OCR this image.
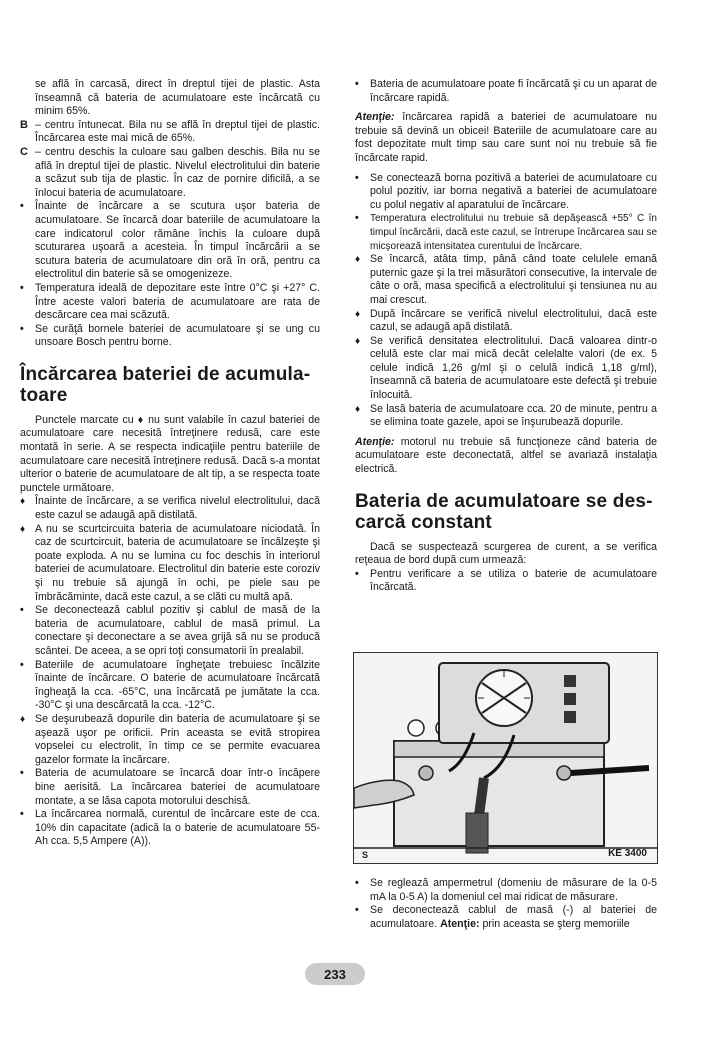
se află în carcasă, direct în dreptul tijei de plastic. Asta înseamnă că bateria de acumulatoare este încărcată cu minim 65%.

B – centru întunecat. Bila nu se află în dreptul tijei de plastic. Încărcarea este mai mică de 65%.

C – centru deschis la culoare sau galben deschis. Bila nu se află în dreptul tijei de plastic. Nivelul electrolitului din baterie a scăzut sub tija de plastic. În caz de pornire dificilă, a se înlocui bateria de acumulatoare.

•	Înainte de încărcare a se scutura uşor bateria de acumulatoare. Se încarcă doar bateriile de acumulatoare la care indicatorul color rămâne închis la culoare după scuturarea uşoară a acesteia. În timpul încărcării a se scutura bateria de acumulatoare din oră în oră, pentru ca electrolitul din baterie să se omogenizeze.

•	Temperatura ideală de depozitare este între 0°C şi +27° C. Între aceste valori bateria de acumulatoare are rata de descărcare cea mai scăzută.

•	Se curăţă bornele bateriei de acumulatoare şi se ung cu unsoare Bosch pentru borne.

Încărcarea bateriei de acumula-
toare

Punctele marcate cu ♦ nu sunt valabile în cazul bateriei de acumulatoare care necesită întreţinere redusă, care este montată în serie. A se respecta indicaţiile pentru bateriile de acumulatoare care necesită întreţinere redusă. Dacă s-a montat ulterior o baterie de acumulatoare de alt tip, a se respecta toate punctele următoare.

♦ Înainte de încărcare, a se verifica nivelul electrolitului, dacă este cazul se adaugă apă distilată.

♦ A nu se scurtcircuita bateria de acumulatoare niciodată. În caz de scurtcircuit, bateria de acumulatoare se încălzeşte şi poate exploda. A nu se lumina cu foc deschis în interiorul bateriei de acumulatoare. Electrolitul din baterie este coroziv şi nu trebuie să ajungă în ochi, pe piele sau pe îmbrăcăminte, dacă este cazul, a se clăti cu multă apă.

•	Se deconectează cablul pozitiv şi cablul de masă de la bateria de acumulatoare, cablul de masă primul. La conectare şi deconectare a se avea grijă să nu se producă scântei. De aceea, a se opri toţi consumatorii în prealabil.

•	Bateriile de acumulatoare îngheţate trebuiesc încălzite înainte de încărcare. O baterie de acumulatoare încărcată îngheaţă la cca. -65°C, una încărcată pe jumătate la cca. -30°C şi una descărcată la cca. -12°C.

♦ Se deşurubează dopurile din bateria de acumulatoare şi se aşează uşor pe orificii. Prin aceasta se evită stropirea vopselei cu electrolit, în timp ce se permite evacuarea gazelor formate la încărcare.

•	Bateria de acumulatoare se încarcă doar într-o încăpere bine aerisită. La încărcarea bateriei de acumulatoare montate, a se lăsa capota motorului deschisă.

•	La încărcarea normală, curentul de încărcare este de cca. 10% din capacitate (adică la o baterie de acumulatoare 55-Ah cca. 5,5 Ampere (A)).

•	Bateria de acumulatoare poate fi încărcată şi cu un aparat de încărcare rapidă.

Atenţie: încărcarea rapidă a bateriei de acumulatoare nu trebuie să devină un obicei! Bateriile de acumulatoare care au fost depozitate mult timp sau care sunt noi nu trebuie să fie încărcate rapid.

•	Se conectează borna pozitivă a bateriei de acumulatoare cu polul pozitiv, iar borna negativă a bateriei de acumulatoare cu polul negativ al aparatului de încărcare.

•	Temperatura electrolitului nu trebuie să depăşească +55° C în timpul încărcării, dacă este cazul, se întrerupe încărcarea sau se micşorează intensitatea curentului de încărcare.

♦ Se încarcă, atâta timp, până când toate celulele emană puternic gaze şi la trei măsurători consecutive, la intervale de câte o oră, masa specifică a electrolitului şi tensiunea nu au mai crescut.

♦ După încărcare se verifică nivelul electrolitului, dacă este cazul, se adaugă apă distilată.

♦ Se verifică densitatea electrolitului. Dacă valoarea dintr-o celulă este clar mai mică decât celelalte valori (de ex. 5 celule indică 1,26 g/ml şi o celulă indică 1,18 g/ml), înseamnă că bateria de acumulatoare este defectă şi trebuie înlocuită.

♦ Se lasă bateria de acumulatoare cca. 20 de minute, pentru a se elimina toate gazele, apoi se înşurubează dopurile.

Atenţie: motorul nu trebuie să funcţioneze când bateria de acumulatoare este deconectată, altfel se avariază instalaţia electrică.

Bateria de acumulatoare se des-
carcă constant

Dacă se suspectează scurgerea de curent, a se verifica reţeaua de bord după cum urmează:

•	Pentru verificare a se utiliza o baterie de acumulatoare încărcată.

S	KE 3400

•	Se reglează ampermetrul (domeniu de măsurare de la 0-5 mA la 0-5 A) la domeniul cel mai ridicat de măsurare.

•	Se deconectează cablul de masă (-) al bateriei de acumulatoare. Atenţie: prin aceasta se şterg memoriile

233
